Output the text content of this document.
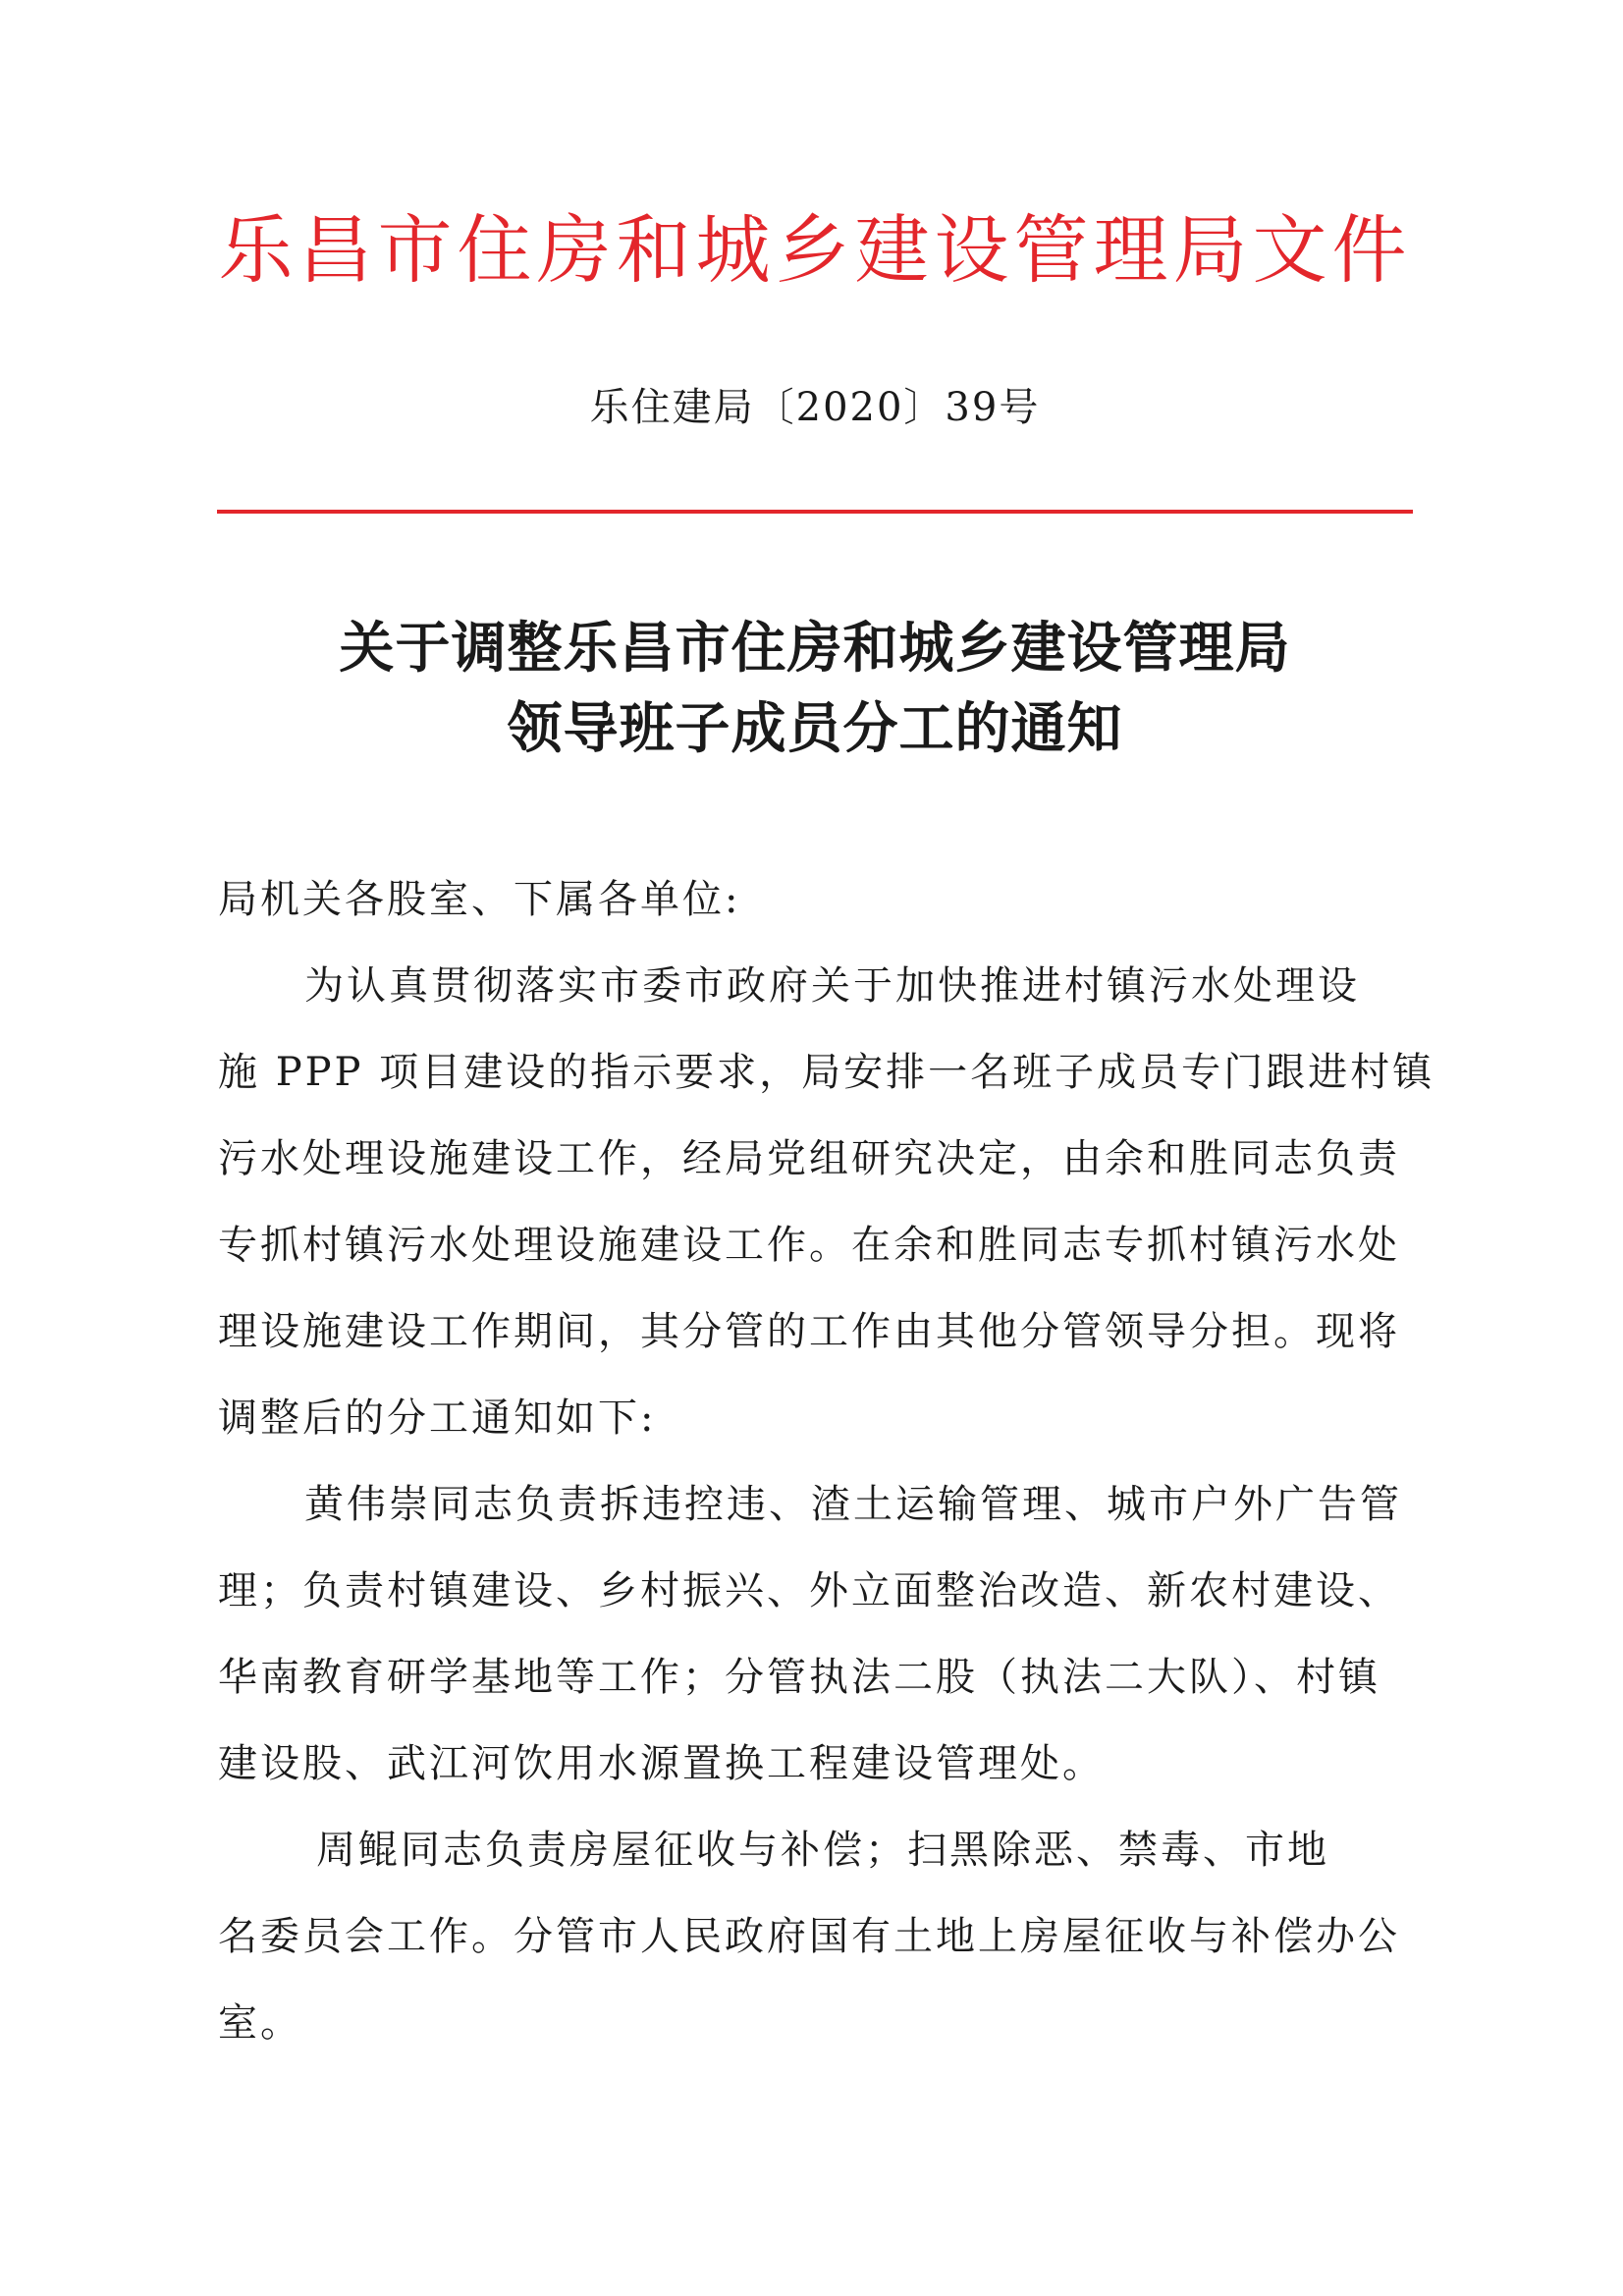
乐昌市住房和城乡建设管理局文件
乐住建局〔2020〕39号
关于调整乐昌市住房和城乡建设管理局
领导班子成员分工的通知
局机关各股室、下属各单位:
为认真贯彻落实市委市政府关于加快推进村镇污水处理设
施 PPP 项目建设的指示要求，局安排一名班子成员专门跟进村镇
污水处理设施建设工作，经局党组研究决定，由余和胜同志负责
专抓村镇污水处理设施建设工作。在余和胜同志专抓村镇污水处
理设施建设工作期间，其分管的工作由其他分管领导分担。现将
调整后的分工通知如下:
黄伟崇同志负责拆违控违、渣土运输管理、城市户外广告管
理；负责村镇建设、乡村振兴、外立面整治改造、新农村建设、
华南教育研学基地等工作；分管执法二股（执法二大队）、村镇
建设股、武江河饮用水源置换工程建设管理处。
周鲲同志负责房屋征收与补偿；扫黑除恶、禁毒、市地
名委员会工作。分管市人民政府国有土地上房屋征收与补偿办公
室。
